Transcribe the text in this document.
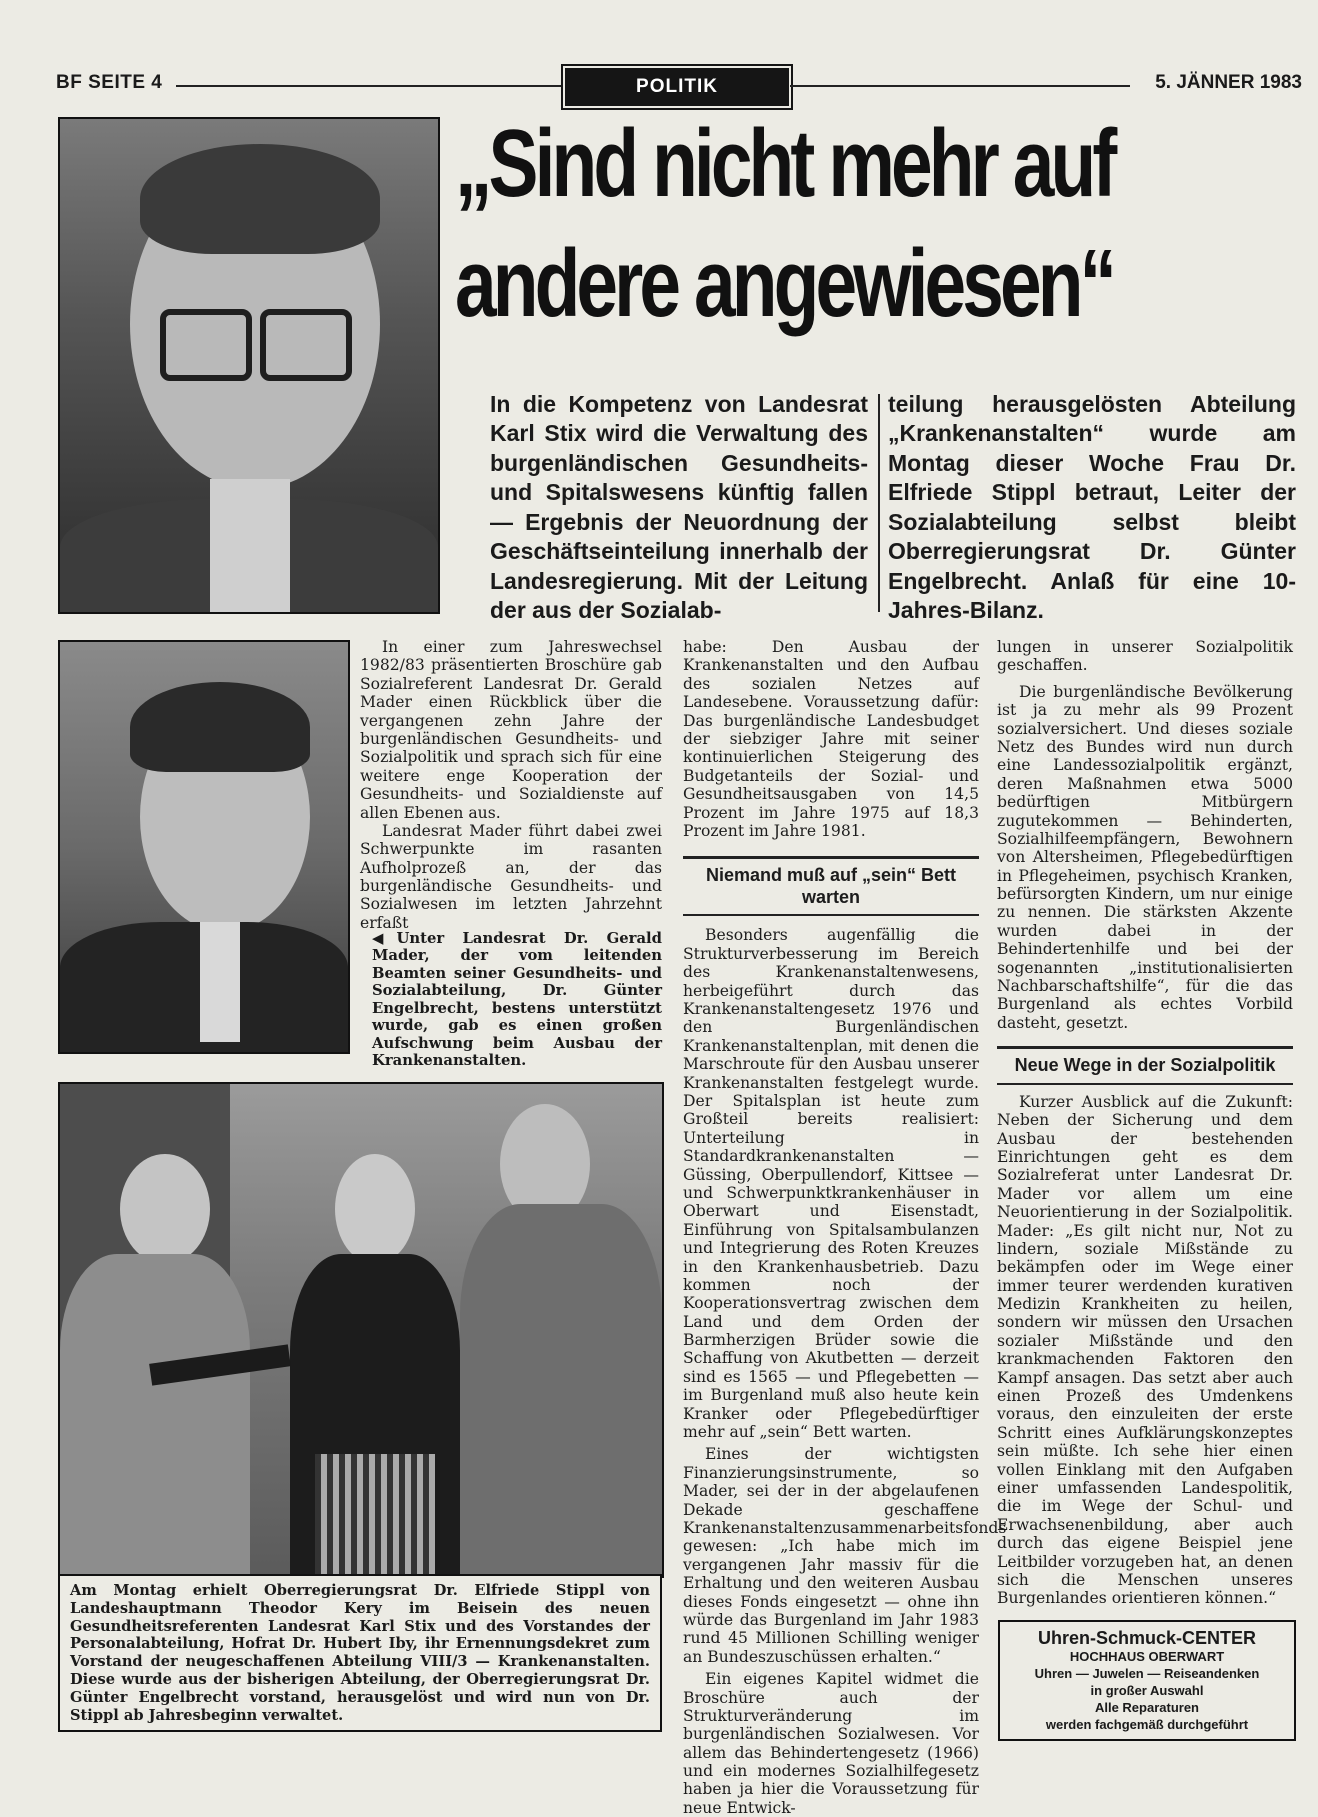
BF SEITE 4	POLITIK	5. JÄNNER 1983
„Sind nicht mehr auf
andere angewiesen“
In die Kompetenz von Landesrat Karl Stix wird die Verwaltung des burgenländischen Gesundheits- und Spitalswesens künftig fallen — Ergebnis der Neuordnung der Geschäftseinteilung innerhalb der Landesregierung. Mit der Leitung der aus der Sozialab-
teilung herausgelösten Abteilung „Krankenanstalten“ wurde am Montag dieser Woche Frau Dr. Elfriede Stippl betraut, Leiter der Sozialabteilung selbst bleibt Oberregierungsrat Dr. Günter Engelbrecht. Anlaß für eine 10-Jahres-Bilanz.

In einer zum Jahreswechsel 1982/83 präsentierten Broschüre gab Sozialreferent Landesrat Dr. Gerald Mader einen Rückblick über die vergangenen zehn Jahre der burgenländischen Gesundheits- und Sozialpolitik und sprach sich für eine weitere enge Kooperation der Gesundheits- und Sozialdienste auf allen Ebenen aus.

Landesrat Mader führt dabei zwei Schwerpunkte im rasanten Aufholprozeß an, der das burgenländische Gesundheits- und Sozialwesen im letzten Jahrzehnt erfaßt

◀Unter Landesrat Dr. Gerald Mader, der vom leitenden Beamten seiner Gesundheits- und Sozialabteilung, Dr. Günter Engelbrecht, bestens unterstützt wurde, gab es einen großen Aufschwung beim Ausbau der Krankenanstalten.
Am Montag erhielt Oberregierungsrat Dr. Elfriede Stippl von Landeshauptmann Theodor Kery im Beisein des neuen Gesundheitsreferenten Landesrat Karl Stix und des Vorstandes der Personalabteilung, Hofrat Dr. Hubert Iby, ihr Ernennungsdekret zum Vorstand der neugeschaffenen Abteilung VIII/3 — Krankenanstalten. Diese wurde aus der bisherigen Abteilung, der Oberregierungsrat Dr. Günter Engelbrecht vorstand, herausgelöst und wird nun von Dr. Stippl ab Jahresbeginn verwaltet.

habe: Den Ausbau der Krankenanstalten und den Aufbau des sozialen Netzes auf Landesebene. Voraussetzung dafür: Das burgenländische Landesbudget der siebziger Jahre mit seiner kontinuierlichen Steigerung des Budgetanteils der Sozial- und Gesundheitsausgaben von 14,5 Prozent im Jahre 1975 auf 18,3 Prozent im Jahre 1981.

Niemand muß auf „sein“ Bett warten

Besonders augenfällig die Strukturverbesserung im Bereich des Krankenanstaltenwesens, herbeigeführt durch das Krankenanstaltengesetz 1976 und den Burgenländischen Krankenanstaltenplan, mit denen die Marschroute für den Ausbau unserer Krankenanstalten festgelegt wurde. Der Spitalsplan ist heute zum Großteil bereits realisiert: Unterteilung in Standardkrankenanstalten — Güssing, Oberpullendorf, Kittsee — und Schwerpunktkrankenhäuser in Oberwart und Eisenstadt, Einführung von Spitalsambulanzen und Integrierung des Roten Kreuzes in den Krankenhausbetrieb. Dazu kommen noch der Kooperationsvertrag zwischen dem Land und dem Orden der Barmherzigen Brüder sowie die Schaffung von Akutbetten — derzeit sind es 1565 — und Pflegebetten — im Burgenland muß also heute kein Kranker oder Pflegebedürftiger mehr auf „sein“ Bett warten.

Eines der wichtigsten Finanzierungsinstrumente, so Mader, sei der in der abgelaufenen Dekade geschaffene Krankenanstaltenzusammenarbeitsfonds gewesen: „Ich habe mich im vergangenen Jahr massiv für die Erhaltung und den weiteren Ausbau dieses Fonds eingesetzt — ohne ihn würde das Burgenland im Jahr 1983 rund 45 Millionen Schilling weniger an Bundeszuschüssen erhalten.“

Ein eigenes Kapitel widmet die Broschüre auch der Strukturveränderung im burgenländischen Sozialwesen. Vor allem das Behindertengesetz (1966) und ein modernes Sozialhilfegesetz haben ja hier die Voraussetzung für neue Entwick-

lungen in unserer Sozialpolitik geschaffen.

Die burgenländische Bevölkerung ist ja zu mehr als 99 Prozent sozialversichert. Und dieses soziale Netz des Bundes wird nun durch eine Landessozialpolitik ergänzt, deren Maßnahmen etwa 5000 bedürftigen Mitbürgern zugutekommen — Behinderten, Sozialhilfeempfängern, Bewohnern von Altersheimen, Pflegebedürftigen in Pflegeheimen, psychisch Kranken, befürsorgten Kindern, um nur einige zu nennen. Die stärksten Akzente wurden dabei in der Behindertenhilfe und bei der sogenannten „institutionalisierten Nachbarschaftshilfe“, für die das Burgenland als echtes Vorbild dasteht, gesetzt.

Neue Wege in der Sozialpolitik

Kurzer Ausblick auf die Zukunft: Neben der Sicherung und dem Ausbau der bestehenden Einrichtungen geht es dem Sozialreferat unter Landesrat Dr. Mader vor allem um eine Neuorientierung in der Sozialpolitik. Mader: „Es gilt nicht nur, Not zu lindern, soziale Mißstände zu bekämpfen oder im Wege einer immer teurer werdenden kurativen Medizin Krankheiten zu heilen, sondern wir müssen den Ursachen sozialer Mißstände und den krankmachenden Faktoren den Kampf ansagen. Das setzt aber auch einen Prozeß des Umdenkens voraus, den einzuleiten der erste Schritt eines Aufklärungskonzeptes sein müßte. Ich sehe hier einen vollen Einklang mit den Aufgaben einer umfassenden Landespolitik, die im Wege der Schul- und Erwachsenenbildung, aber auch durch das eigene Beispiel jene Leitbilder vorzugeben hat, an denen sich die Menschen unseres Burgenlandes orientieren können.“

Uhren-Schmuck-CENTER
HOCHHAUS OBERWART
Uhren — Juwelen — Reiseandenken
in großer Auswahl
Alle Reparaturen
werden fachgemäß durchgeführt
